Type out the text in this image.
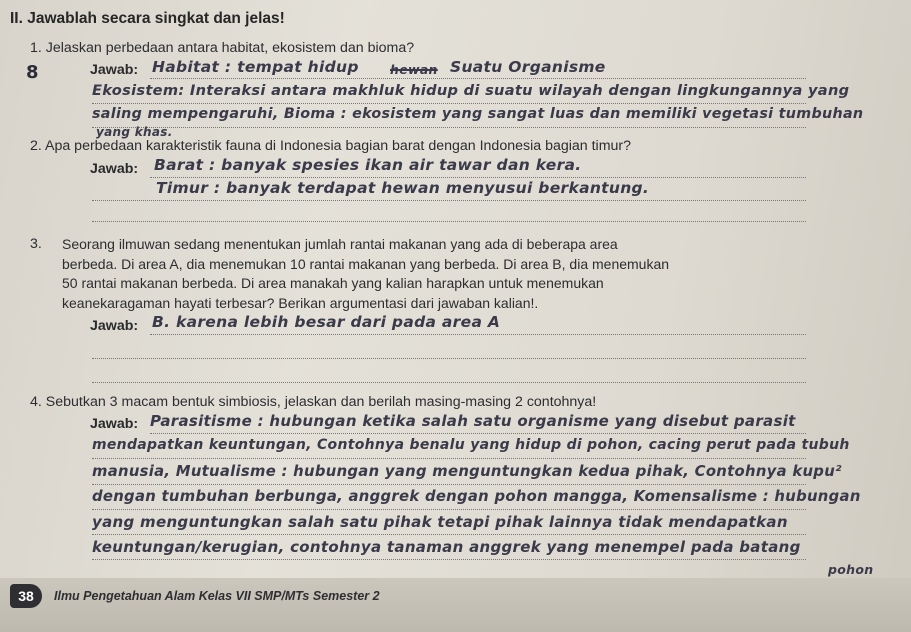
II. Jawablah secara singkat dan jelas!
1. Jelaskan perbedaan antara habitat, ekosistem dan bioma?
8	Jawab: Habitat : tempat hidup	hewan Suatu Organisme
Ekosistem: Interaksi antara makhluk hidup di suatu wilayah dengan lingkungannya yang
saling mempengaruhi, Bioma : ekosistem yang sangat luas dan memiliki vegetasi tumbuhan
yang khas.
2. Apa perbedaan karakteristik fauna di Indonesia bagian barat dengan Indonesia bagian timur?
Jawab: Barat : banyak spesies ikan air tawar dan kera.
Timur : banyak terdapat hewan menyusui berkantung.
3. Seorang ilmuwan sedang menentukan jumlah rantai makanan yang ada di beberapa area
berbeda. Di area A, dia menemukan 10 rantai makanan yang berbeda. Di area B, dia menemukan
50 rantai makanan berbeda. Di area manakah yang kalian harapkan untuk menemukan
keanekaragaman hayati terbesar? Berikan argumentasi dari jawaban kalian!.
Jawab: B. karena lebih besar dari pada area A
4. Sebutkan 3 macam bentuk simbiosis, jelaskan dan berilah masing-masing 2 contohnya!
Jawab: Parasitisme : hubungan ketika salah satu organisme yang disebut parasit
mendapatkan keuntungan, Contohnya benalu yang hidup di pohon, cacing perut pada tubuh
manusia, Mutualisme : hubungan yang menguntungkan kedua pihak, Contohnya kupu²
dengan tumbuhan berbunga, anggrek dengan pohon mangga, Komensalisme : hubungan
yang menguntungkan salah satu pihak tetapi pihak lainnya tidak mendapatkan
keuntungan/kerugian, contohnya tanaman anggrek yang menempel pada batang
pohon
38	Ilmu Pengetahuan Alam Kelas VII SMP/MTs Semester 2
